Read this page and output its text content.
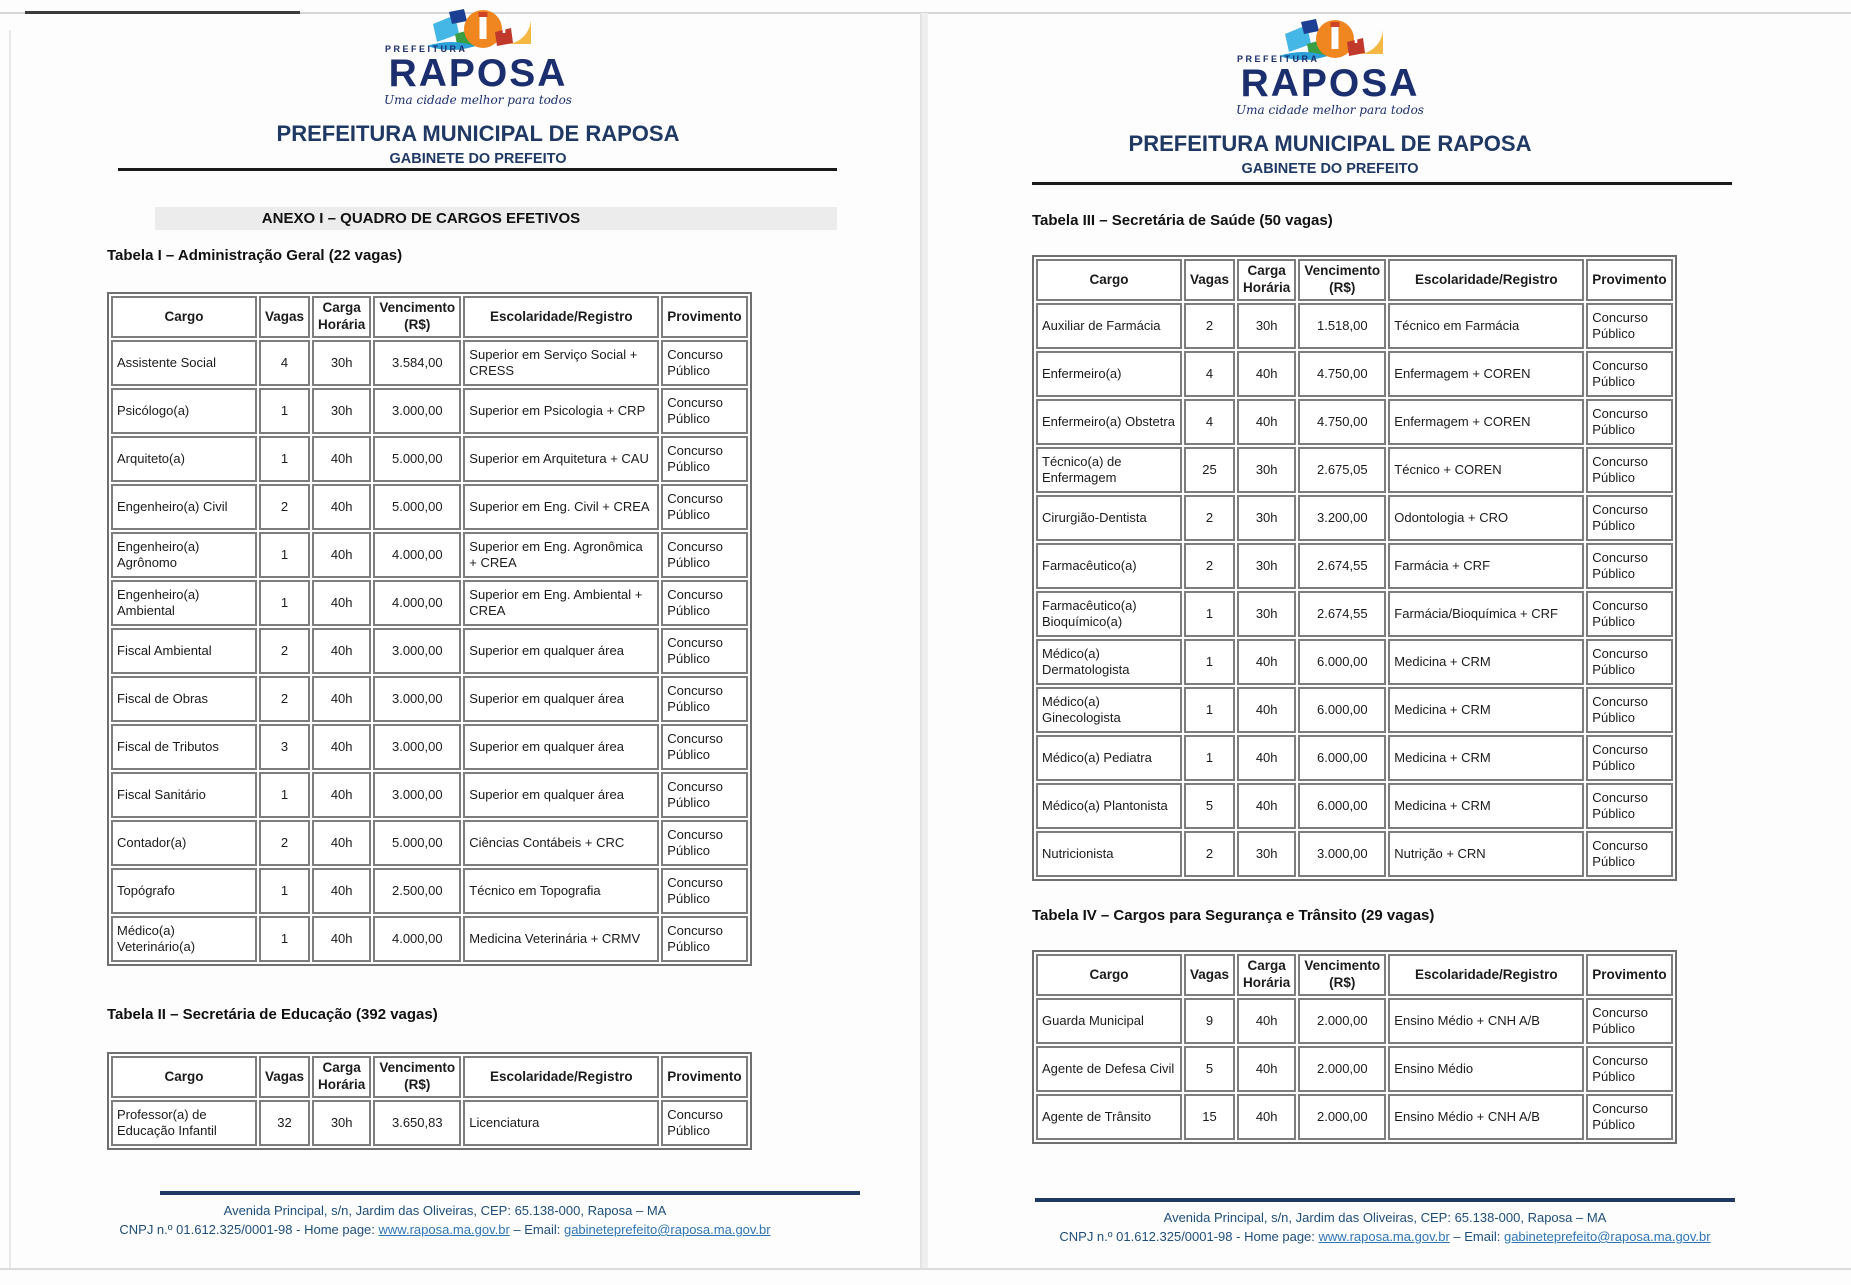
PREFEITURA
RAPOSA
Uma cidade melhor para todos
PREFEITURA MUNICIPAL DE RAPOSA
GABINETE DO PREFEITO
ANEXO I – QUADRO DE CARGOS EFETIVOS
Tabela I – Administração Geral (22 vagas)
Cargo	Vagas	Carga Horária	Vencimento (R$)	Escolaridade/Registro	Provimento
Assistente Social	4	30h	3.584,00	Superior em Serviço Social + CRESS	Concurso Público
Psicólogo(a)	1	30h	3.000,00	Superior em Psicologia + CRP	Concurso Público
Arquiteto(a)	1	40h	5.000,00	Superior em Arquitetura + CAU	Concurso Público
Engenheiro(a) Civil	2	40h	5.000,00	Superior em Eng. Civil + CREA	Concurso Público
Engenheiro(a) Agrônomo	1	40h	4.000,00	Superior em Eng. Agronômica + CREA	Concurso Público
Engenheiro(a) Ambiental	1	40h	4.000,00	Superior em Eng. Ambiental + CREA	Concurso Público
Fiscal Ambiental	2	40h	3.000,00	Superior em qualquer área	Concurso Público
Fiscal de Obras	2	40h	3.000,00	Superior em qualquer área	Concurso Público
Fiscal de Tributos	3	40h	3.000,00	Superior em qualquer área	Concurso Público
Fiscal Sanitário	1	40h	3.000,00	Superior em qualquer área	Concurso Público
Contador(a)	2	40h	5.000,00	Ciências Contábeis + CRC	Concurso Público
Topógrafo	1	40h	2.500,00	Técnico em Topografia	Concurso Público
Médico(a) Veterinário(a)	1	40h	4.000,00	Medicina Veterinária + CRMV	Concurso Público
Tabela II – Secretária de Educação (392 vagas)
Cargo	Vagas	Carga Horária	Vencimento (R$)	Escolaridade/Registro	Provimento
Professor(a) de Educação Infantil	32	30h	3.650,83	Licenciatura	Concurso Público
Avenida Principal, s/n, Jardim das Oliveiras, CEP: 65.138-000, Raposa – MA
CNPJ n.º 01.612.325/0001-98 - Home page: www.raposa.ma.gov.br – Email: gabineteprefeito@raposa.ma.gov.br
PREFEITURA
RAPOSA
Uma cidade melhor para todos
PREFEITURA MUNICIPAL DE RAPOSA
GABINETE DO PREFEITO
Tabela III – Secretária de Saúde (50 vagas)
Cargo	Vagas	Carga Horária	Vencimento (R$)	Escolaridade/Registro	Provimento
Auxiliar de Farmácia	2	30h	1.518,00	Técnico em Farmácia	Concurso Público
Enfermeiro(a)	4	40h	4.750,00	Enfermagem + COREN	Concurso Público
Enfermeiro(a) Obstetra	4	40h	4.750,00	Enfermagem + COREN	Concurso Público
Técnico(a) de Enfermagem	25	30h	2.675,05	Técnico + COREN	Concurso Público
Cirurgião-Dentista	2	30h	3.200,00	Odontologia + CRO	Concurso Público
Farmacêutico(a)	2	30h	2.674,55	Farmácia + CRF	Concurso Público
Farmacêutico(a) Bioquímico(a)	1	30h	2.674,55	Farmácia/Bioquímica + CRF	Concurso Público
Médico(a) Dermatologista	1	40h	6.000,00	Medicina + CRM	Concurso Público
Médico(a) Ginecologista	1	40h	6.000,00	Medicina + CRM	Concurso Público
Médico(a) Pediatra	1	40h	6.000,00	Medicina + CRM	Concurso Público
Médico(a) Plantonista	5	40h	6.000,00	Medicina + CRM	Concurso Público
Nutricionista	2	30h	3.000,00	Nutrição + CRN	Concurso Público
Tabela IV – Cargos para Segurança e Trânsito (29 vagas)
Cargo	Vagas	Carga Horária	Vencimento (R$)	Escolaridade/Registro	Provimento
Guarda Municipal	9	40h	2.000,00	Ensino Médio + CNH A/B	Concurso Público
Agente de Defesa Civil	5	40h	2.000,00	Ensino Médio	Concurso Público
Agente de Trânsito	15	40h	2.000,00	Ensino Médio + CNH A/B	Concurso Público
Avenida Principal, s/n, Jardim das Oliveiras, CEP: 65.138-000, Raposa – MA
CNPJ n.º 01.612.325/0001-98 - Home page: www.raposa.ma.gov.br – Email: gabineteprefeito@raposa.ma.gov.br
